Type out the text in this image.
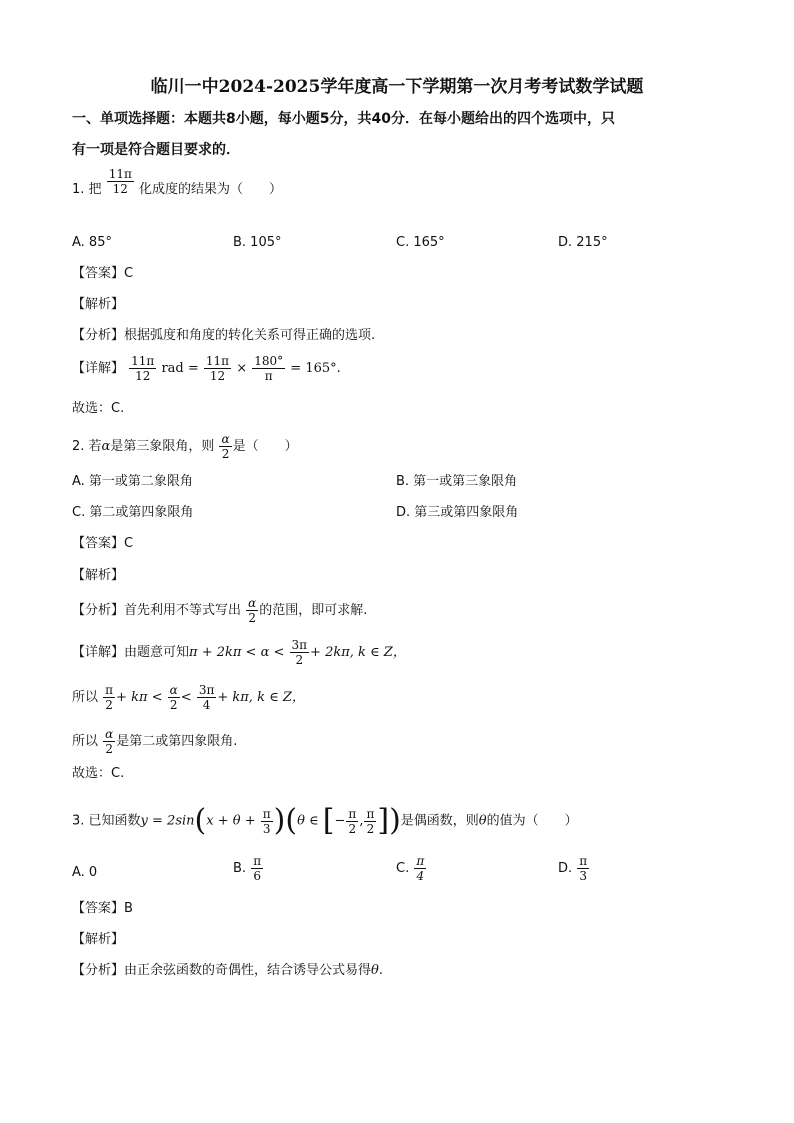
临川一中2024-2025学年度高一下学期第一次月考考试数学试题
一、单项选择题：本题共8小题，每小题5分，共40分．在每小题给出的四个选项中，只
有一项是符合题目要求的．
1. 把 $\frac{11\pi}{12}$ 化成度的结果为（　　）
A. 85°	B. 105°	C. 165°	D. 215°
【答案】C
【解析】
【分析】根据弧度和角度的转化关系可得正确的选项.
【详解】 $\frac{11\pi}{12}$ rad = $\frac{11\pi}{12} \times \frac{180^\circ}{\pi} = 165^\circ$.
故选：C.
2. 若α是第三象限角，则 $\frac{\alpha}{2}$ 是（　　）
A. 第一或第二象限角	B. 第一或第三象限角
C. 第二或第四象限角	D. 第三或第四象限角
【答案】C
【解析】
【分析】首先利用不等式写出 $\frac{\alpha}{2}$ 的范围，即可求解.
【详解】由题意可知$\pi + 2k\pi < \alpha < \frac{3\pi}{2} + 2k\pi$, k ∈ Z，
所以 $\frac{\pi}{2} + k\pi < \frac{\alpha}{2} < \frac{3\pi}{4} + k\pi$, k ∈ Z，
所以 $\frac{\alpha}{2}$ 是第二或第四象限角.
故选：C.
3. 已知函数$y = 2\sin(x + \theta + \frac{\pi}{3} )(\theta$ ∈ [− $\frac{\pi}{2}$ , $\frac{\pi}{2}$ ])是偶函数，则θ的值为（　　）
A. 0	B. $\frac{\pi}{6}$	C. $\frac{\pi}{4}$	D. $\frac{\pi}{3}$
【答案】B
【解析】
【分析】由正余弦函数的奇偶性，结合诱导公式易得θ.
